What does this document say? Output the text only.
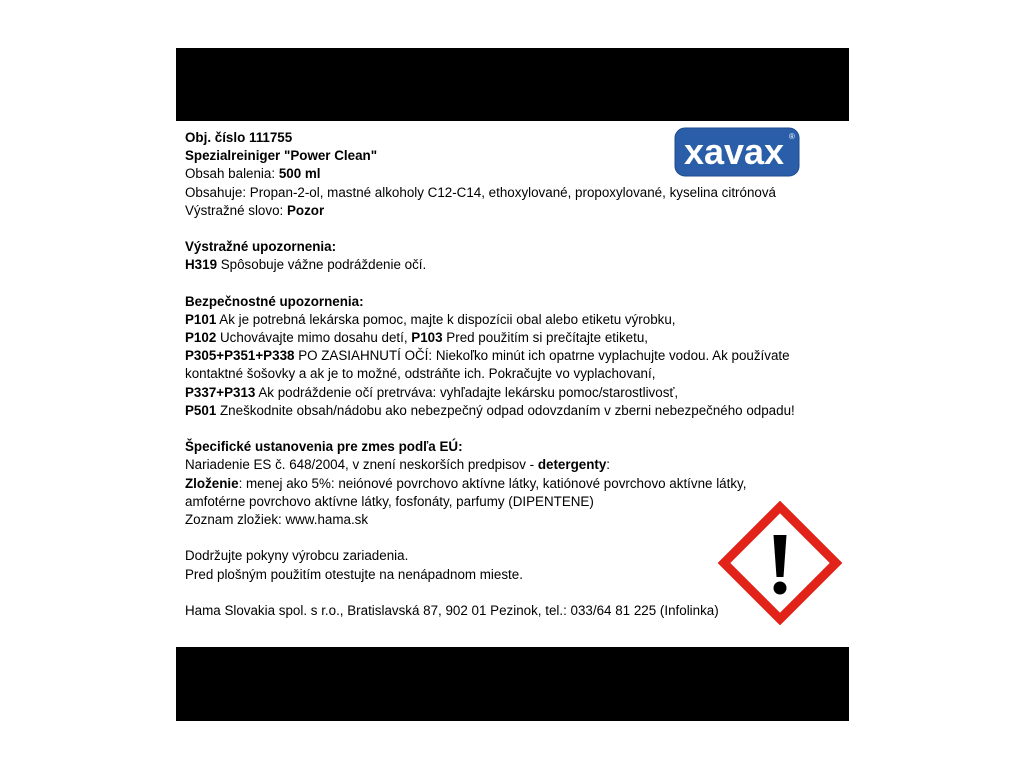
Obj. číslo 111755
Spezialreiniger "Power Clean"
Obsah balenia: 500 ml
Obsahuje: Propan-2-ol, mastné alkoholy C12-C14, ethoxylované, propoxylované, kyselina citrónová
Výstražné slovo: Pozor
Výstražné upozornenia:
H319 Spôsobuje vážne podráždenie očí.
Bezpečnostné upozornenia:
P101 Ak je potrebná lekárska pomoc, majte k dispozícii obal alebo etiketu výrobku,
P102 Uchovávajte mimo dosahu detí, P103 Pred použitím si prečítajte etiketu,
P305+P351+P338 PO ZASIAHNUTÍ OČÍ: Niekoľko minút ich opatrne vyplachujte vodou. Ak používate
kontaktné šošovky a ak je to možné, odstráňte ich. Pokračujte vo vyplachovaní,
P337+P313 Ak podráždenie očí pretrváva: vyhľadajte lekársku pomoc/starostlivosť,
P501 Zneškodnite obsah/nádobu ako nebezpečný odpad odovzdaním v zberni nebezpečného odpadu!
Špecifické ustanovenia pre zmes podľa EÚ:
Nariadenie ES č. 648/2004, v znení neskorších predpisov - detergenty:
Zloženie: menej ako 5%: neiónové povrchovo aktívne látky, katiónové povrchovo aktívne látky,
amfotérne povrchovo aktívne látky, fosfonáty, parfumy (DIPENTENE)
Zoznam zložiek: www.hama.sk
Dodržujte pokyny výrobcu zariadenia.
Pred plošným použitím otestujte na nenápadnom mieste.
Hama Slovakia spol. s r.o., Bratislavská 87, 902 01 Pezinok, tel.: 033/64 81 225 (Infolinka)
xavax ®
